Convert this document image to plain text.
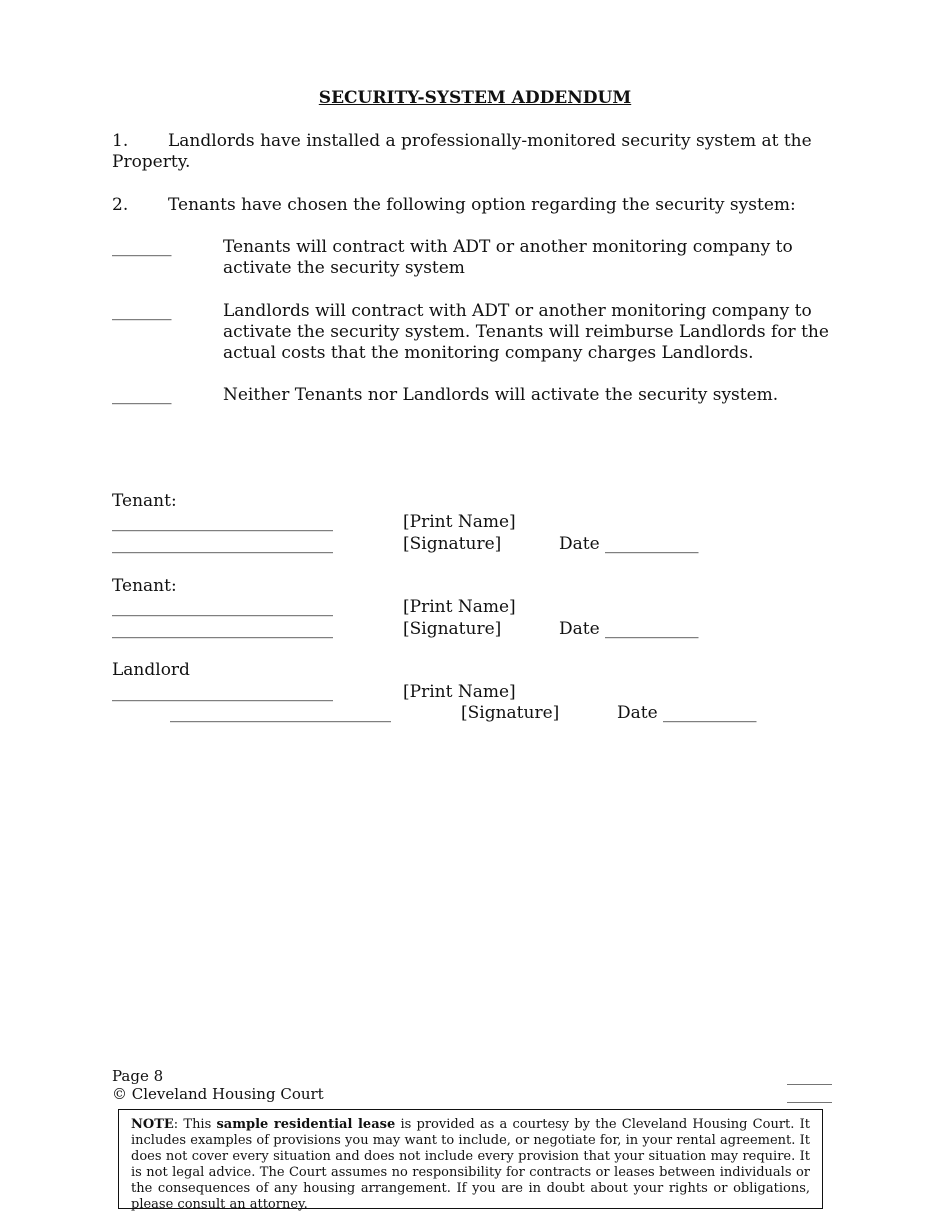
SECURITY-SYSTEM ADDENDUM
1. Landlords have installed a professionally-monitored security system at the Property.
2. Tenants have chosen the following option regarding the security system:
_______	Tenants will contract with ADT or another monitoring company to activate the security system
_______	Landlords will contract with ADT or another monitoring company to activate the security system. Tenants will reimburse Landlords for the actual costs that the monitoring company charges Landlords.
_______	Neither Tenants nor Landlords will activate the security system.
Tenant:
__________________________	[Print Name]
__________________________	[Signature]	Date ___________
Tenant:
__________________________	[Print Name]
__________________________	[Signature]	Date ___________
Landlord
__________________________	[Print Name]
__________________________	[Signature]	Date ___________
Page 8
© Cleveland Housing Court
______
______
NOTE: This sample residential lease is provided as a courtesy by the Cleveland Housing Court. It includes examples of provisions you may want to include, or negotiate for, in your rental agreement. It does not cover every situation and does not include every provision that your situation may require. It is not legal advice. The Court assumes no responsibility for contracts or leases between individuals or the consequences of any housing arrangement. If you are in doubt about your rights or obligations, please consult an attorney.
